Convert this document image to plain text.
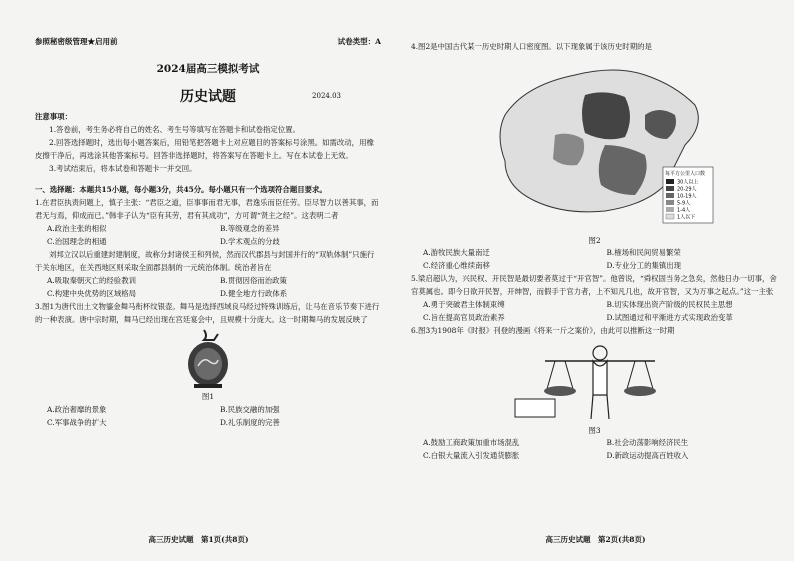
参照秘密级管理★启用前	试卷类型：A
2024届高三模拟考试
历史试题	2024.03
注意事项：
1.答卷前，考生务必将自己的姓名、考生号等填写在答题卡和试卷指定位置。
2.回答选择题时，选出每小题答案后，用铅笔把答题卡上对应题目的答案标号涂黑。如需改动，用橡皮擦干净后，再选涂其他答案标号。回答非选择题时，将答案写在答题卡上。写在本试卷上无效。
3.考试结束后，将本试卷和答题卡一并交回。
一、选择题：本题共15小题，每小题3分，共45分。每小题只有一个选项符合题目要求。
1.在君臣执责问题上，慎子主张：“君臣之道，臣事事而君无事，君逸乐而臣任劳。臣尽智力以善其事，而君无与焉，仰成而已。”韩非子认为“臣有其劳，君有其成功”，方可谓“贤主之经”。这表明二者
A.政治主张的相似	B.等级观念的差异
C.治国理念的相通	D.学术观点的分歧
刘邦立汉以后重建封建制度，故称分封诸侯王和列侯，然而汉代郡县与封国并行的“双轨体制”只施行于关东地区，在关西地区则采取全面郡县制的一元统治体制。统治者旨在
A.吸取秦朝灭亡的经验教训	B.贯彻因俗而治政策
C.构建中央优势的区域格局	D.健全地方行政体系
3.图1为唐代出土文物鎏金舞马衔杯纹银壶。舞马是选择西域良马经过特殊训练后，让马在音乐节奏下进行的一种表演。唐中宗时期，舞马已经出现在宫廷宴会中，且规模十分庞大。这一时期舞马的发展反映了
图1
A.政治奢靡的景象	B.民族交融的加强
C.军事战争的扩大	D.礼乐制度的完善
高三历史试题　第1页(共8页)
4.图2是中国古代某一历史时期人口密度图。以下现象属于该历史时期的是
每平方公里人口数
30人以上
20-29人
10-19人
5-9人
1-4人
1人以下
图2
A.游牧民族大量南迁	B.榷场和民间贸易繁荣
C.经济重心维续南移	D.专业分工的集镇出现
5.梁启超认为，兴民权、开民智是最切要者莫过于“开官智”。他曾说，“舜权固当务之急矣，然他日办一切事，舍官莫属也。即今日欲开民智，开绅智，而假手于官力者，上不知凡几也，故开官智，又为万事之起点。”这一主张
A.勇于突破君主体制束缚	B.切实体现出资产阶级的民权民主思想
C.旨在提高官员政治素养	D.试图通过和平渐进方式实现政治变革
6.图3为1908年《时报》刊登的漫画《将来一斤之案价》，由此可以推断这一时期
图3
A.鼓励工商政策加重市场混乱	B.社会动荡影响经济民生
C.白银大量流入引发通货膨胀	D.新政运动提高百姓收入
高三历史试题　第2页(共8页)
